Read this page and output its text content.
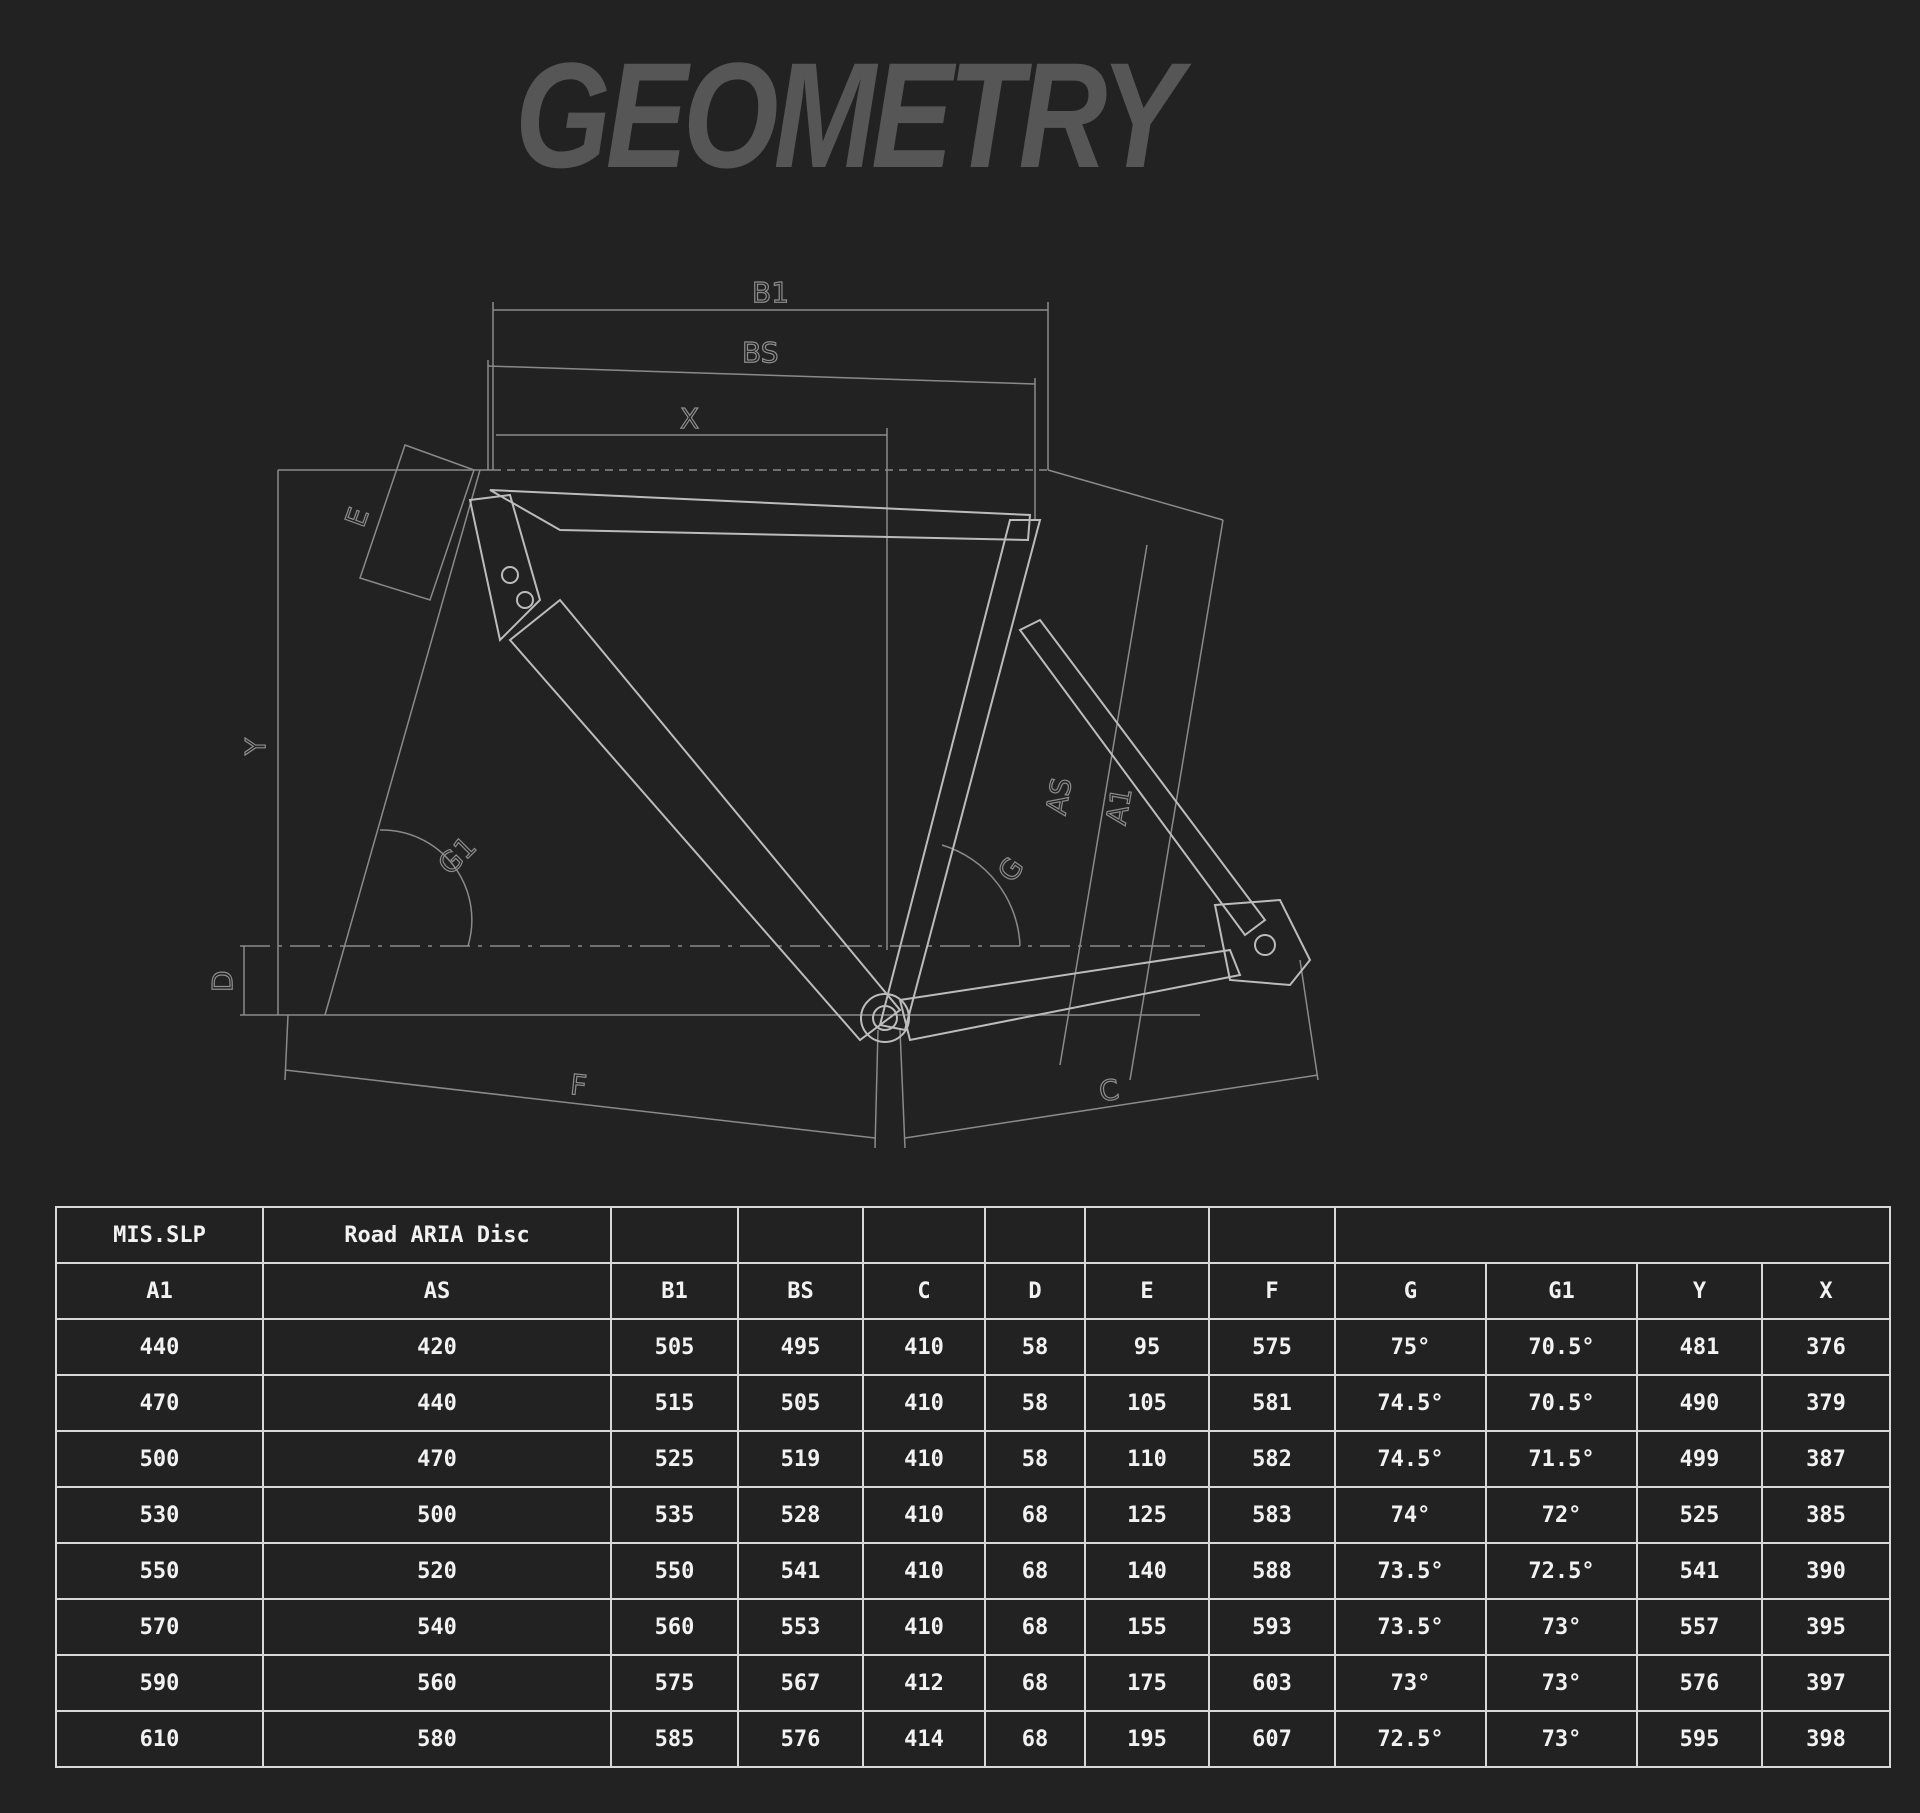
GEOMETRY
B1
BS
X
E
Y
D
G1	G
AS A1
F	C
MIS.SLP	Road ARIA Disc										
A1	AS	B1	BS	C	D	E	F	G	G1	Y	X
440	420	505	495	410	58	95	575	75°	70.5°	481	376
470	440	515	505	410	58	105	581	74.5°	70.5°	490	379
500	470	525	519	410	58	110	582	74.5°	71.5°	499	387
530	500	535	528	410	68	125	583	74°	72°	525	385
550	520	550	541	410	68	140	588	73.5°	72.5°	541	390
570	540	560	553	410	68	155	593	73.5°	73°	557	395
590	560	575	567	412	68	175	603	73°	73°	576	397
610	580	585	576	414	68	195	607	72.5°	73°	595	398
